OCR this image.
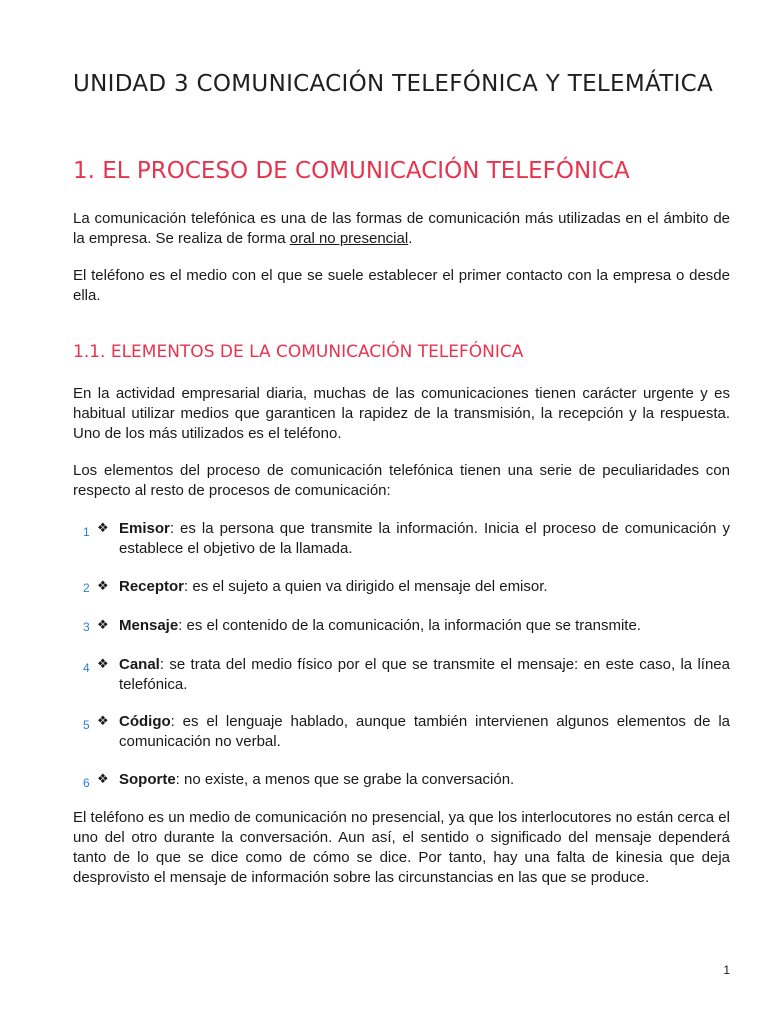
UNIDAD 3 COMUNICACIÓN TELEFÓNICA Y TELEMÁTICA
1. EL PROCESO DE COMUNICACIÓN TELEFÓNICA

La comunicación telefónica es una de las formas de comunicación más utilizadas en el ámbito de la empresa. Se realiza de forma oral no presencial.

El teléfono es el medio con el que se suele establecer el primer contacto con la empresa o desde ella.

1.1. ELEMENTOS DE LA COMUNICACIÓN TELEFÓNICA

En la actividad empresarial diaria, muchas de las comunicaciones tienen carácter urgente y es habitual utilizar medios que garanticen la rapidez de la transmisión, la recepción y la respuesta. Uno de los más utilizados es el teléfono.

Los elementos del proceso de comunicación telefónica tienen una serie de peculiaridades con respecto al resto de procesos de comunicación:

1 ❖ Emisor: es la persona que transmite la información. Inicia el proceso de comunicación y establece el objetivo de la llamada.

2 ❖ Receptor: es el sujeto a quien va dirigido el mensaje del emisor.

3 ❖ Mensaje: es el contenido de la comunicación, la información que se transmite.

4 ❖ Canal: se trata del medio físico por el que se transmite el mensaje: en este caso, la línea telefónica.

5 ❖ Código: es el lenguaje hablado, aunque también intervienen algunos elementos de la comunicación no verbal.

6 ❖ Soporte: no existe, a menos que se grabe la conversación.

El teléfono es un medio de comunicación no presencial, ya que los interlocutores no están cerca el uno del otro durante la conversación. Aun así, el sentido o significado del mensaje dependerá tanto de lo que se dice como de cómo se dice. Por tanto, hay una falta de kinesia que deja desprovisto el mensaje de información sobre las circunstancias en las que se produce.

1
